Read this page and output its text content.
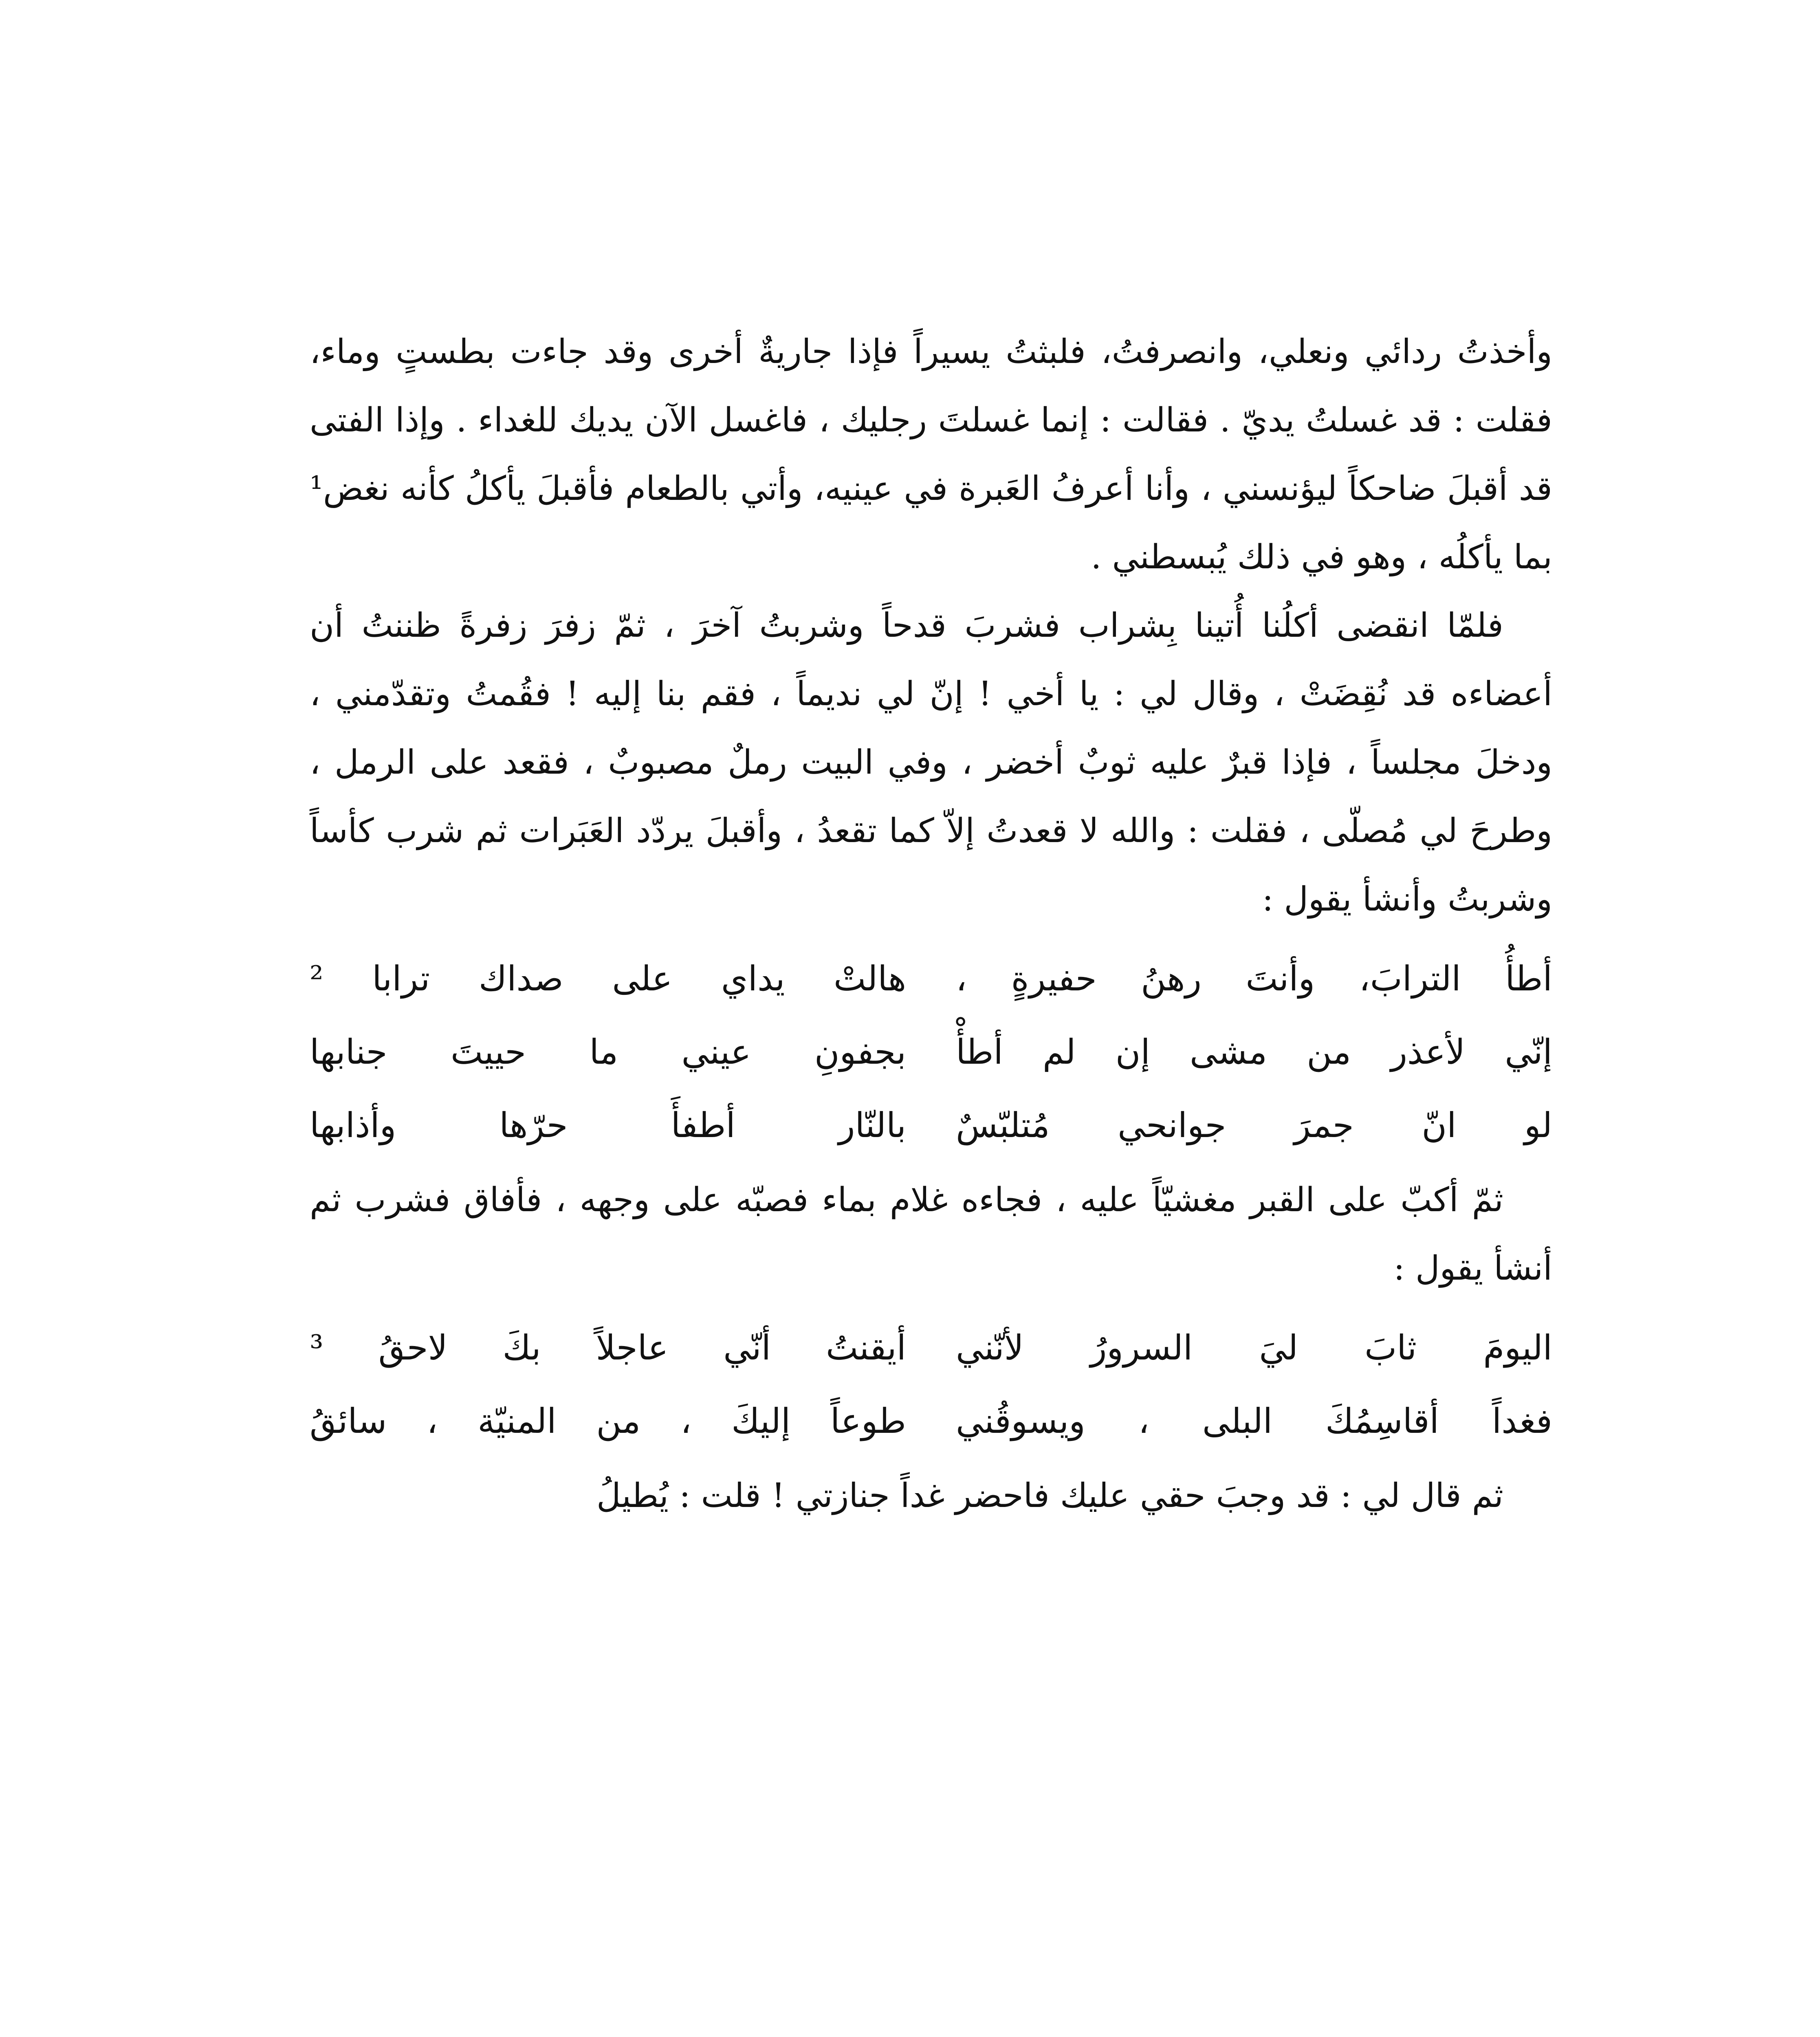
وأخذتُ ردائي ونعلي، وانصرفتُ، فلبثتُ يسيراً فإذا جاريةٌ أخرى وقد جاءت بطستٍ وماء، فقلت : قد غسلتُ يديّ . فقالت : إنما غسلتَ رجليك ، فاغسل الآن يديك للغداء . وإذا الفتى قد أقبلَ ضاحكاً ليؤنسني ، وأنا أعرفُ العَبرة في عينيه، وأتي بالطعام فأقبلَ يأكلُ كأنه نغض¹ بما يأكلُه ، وهو في ذلك يُبسطني .

فلمّا انقضى أكلُنا أُتينا بِشراب فشربَ قدحاً وشربتُ آخرَ ، ثمّ زفرَ زفرةً ظننتُ أن أعضاءه قد نُقِضَتْ ، وقال لي : يا أخي ! إنّ لي نديماً ، فقم بنا إليه ! فقُمتُ وتقدّمني ، ودخلَ مجلساً ، فإذا قبرٌ عليه ثوبٌ أخضر ، وفي البيت رملٌ مصبوبٌ ، فقعد على الرمل ، وطرحَ لي مُصلّى ، فقلت : والله لا قعدتُ إلاّ كما تقعدُ ، وأقبلَ يردّد العَبَرات ثم شرب كأساً وشربتُ وأنشأ يقول :

أطأُ الترابَ، وأنتَ رهنُ حفيرةٍ ،
هالتْ يداي على صداك ترابا ²
إنّي لأعذر من مشى إن لم أطأْ
بجفونِ عيني ما حييتَ جنابها
لو انّ جمرَ جوانحي مُتلبّسٌ
بالنّار أطفأَ حرّها وأذابها

ثمّ أكبّ على القبر مغشيّاً عليه ، فجاءه غلام بماء فصبّه على وجهه ، فأفاق فشرب ثم أنشأ يقول :

اليومَ ثابَ ليَ السرورُ لأنّني
أيقنتُ أنّي عاجلاً بكَ لاحقُ ³
فغداً أقاسِمُكَ البلى ، ويسوقُني
طوعاً إليكَ ، من المنيّة ، سائقُ

ثم قال لي : قد وجبَ حقي عليك فاحضر غداً جنازتي ! قلت : يُطيلُ
